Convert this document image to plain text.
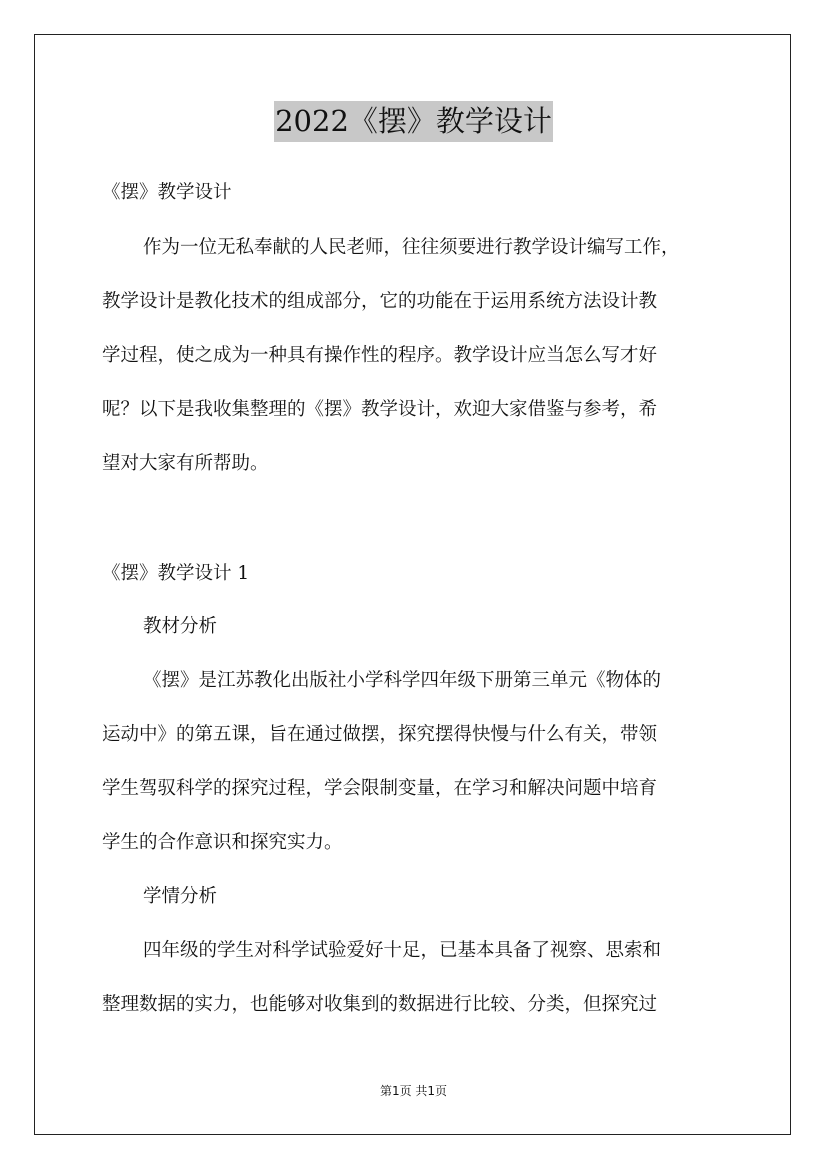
2022《摆》教学设计
《摆》教学设计
作为一位无私奉献的人民老师，往往须要进行教学设计编写工作，
教学设计是教化技术的组成部分，它的功能在于运用系统方法设计教
学过程，使之成为一种具有操作性的程序。教学设计应当怎么写才好
呢？以下是我收集整理的《摆》教学设计，欢迎大家借鉴与参考，希
望对大家有所帮助。
《摆》教学设计 1
教材分析
《摆》是江苏教化出版社小学科学四年级下册第三单元《物体的
运动中》的第五课，旨在通过做摆，探究摆得快慢与什么有关，带领
学生驾驭科学的探究过程，学会限制变量，在学习和解决问题中培育
学生的合作意识和探究实力。
学情分析
四年级的学生对科学试验爱好十足，已基本具备了视察、思索和
整理数据的实力，也能够对收集到的数据进行比较、分类，但探究过
第1页 共1页
